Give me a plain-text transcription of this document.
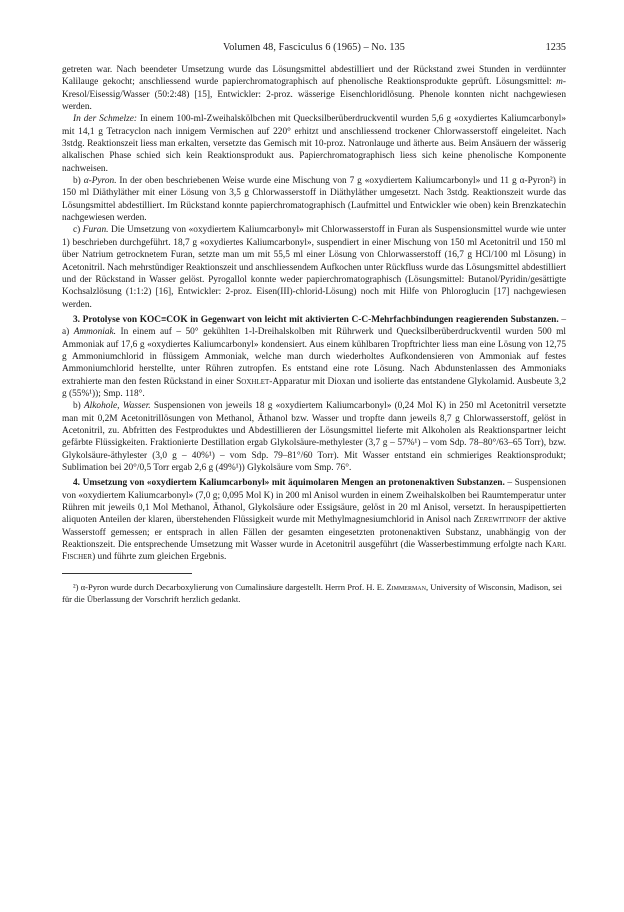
Volumen 48, Fasciculus 6 (1965) – No. 135	1235

getreten war. Nach beendeter Umsetzung wurde das Lösungsmittel abdestilliert und der Rückstand zwei Stunden in verdünnter Kalilauge gekocht; anschliessend wurde papierchromatographisch auf phenolische Reaktionsprodukte geprüft. Lösungsmittel: m-Kresol/Eisessig/Wasser (50:2:48) [15], Entwickler: 2-proz. wässerige Eisenchloridlösung. Phenole konnten nicht nachgewiesen werden.

In der Schmelze: In einem 100-ml-Zweihalskölbchen mit Quecksilberüberdruckventil wurden 5,6 g «oxydiertes Kaliumcarbonyl» mit 14,1 g Tetracyclon nach innigem Vermischen auf 220° erhitzt und anschliessend trockener Chlorwasserstoff eingeleitet. Nach 3stdg. Reaktionszeit liess man erkalten, versetzte das Gemisch mit 10-proz. Natronlauge und ätherte aus. Beim Ansäuern der wässerig alkalischen Phase schied sich kein Reaktionsprodukt aus. Papierchromatographisch liess sich keine phenolische Komponente nachweisen.

b) α-Pyron. In der oben beschriebenen Weise wurde eine Mischung von 7 g «oxydiertem Kaliumcarbonyl» und 11 g α-Pyron²) in 150 ml Diäthyläther mit einer Lösung von 3,5 g Chlorwasserstoff in Diäthyläther umgesetzt. Nach 3stdg. Reaktionszeit wurde das Lösungsmittel abdestilliert. Im Rückstand konnte papierchromatographisch (Laufmittel und Entwickler wie oben) kein Brenzkatechin nachgewiesen werden.

c) Furan. Die Umsetzung von «oxydiertem Kaliumcarbonyl» mit Chlorwasserstoff in Furan als Suspensionsmittel wurde wie unter 1) beschrieben durchgeführt. 18,7 g «oxydiertes Kaliumcarbonyl», suspendiert in einer Mischung von 150 ml Acetonitril und 150 ml über Natrium getrocknetem Furan, setzte man um mit 55,5 ml einer Lösung von Chlorwasserstoff (16,7 g HCl/100 ml Lösung) in Acetonitril. Nach mehrstündiger Reaktionszeit und anschliessendem Aufkochen unter Rückfluss wurde das Lösungsmittel abdestilliert und der Rückstand in Wasser gelöst. Pyrogallol konnte weder papierchromatographisch (Lösungsmittel: Butanol/Pyridin/gesättigte Kochsalzlösung (1:1:2) [16], Entwickler: 2-proz. Eisen(III)-chlorid-Lösung) noch mit Hilfe von Phloroglucin [17] nachgewiesen werden.

3. Protolyse von KOC≡COK in Gegenwart von leicht mit aktivierten C-C-Mehrfachbindungen reagierenden Substanzen. – a) Ammoniak. In einem auf – 50° gekühlten 1-l-Dreihalskolben mit Rührwerk und Quecksilberüberdruckventil wurden 500 ml Ammoniak auf 17,6 g «oxydiertes Kaliumcarbonyl» kondensiert. Aus einem kühlbaren Tropftrichter liess man eine Lösung von 12,75 g Ammoniumchlorid in flüssigem Ammoniak, welche man durch wiederholtes Aufkondensieren von Ammoniak auf festes Ammoniumchlorid herstellte, unter Rühren zutropfen. Es entstand eine rote Lösung. Nach Abdunstenlassen des Ammoniaks extrahierte man den festen Rückstand in einer Soxhlet-Apparatur mit Dioxan und isolierte das entstandene Glykolamid. Ausbeute 3,2 g (55%¹)); Smp. 118°.

b) Alkohole, Wasser. Suspensionen von jeweils 18 g «oxydiertem Kaliumcarbonyl» (0,24 Mol K) in 250 ml Acetonitril versetzte man mit 0,2M Acetonitrillösungen von Methanol, Äthanol bzw. Wasser und tropfte dann jeweils 8,7 g Chlorwasserstoff, gelöst in Acetonitril, zu. Abfritten des Festproduktes und Abdestillieren der Lösungsmittel lieferte mit Alkoholen als Reaktionspartner leicht gefärbte Flüssigkeiten. Fraktionierte Destillation ergab Glykolsäure-methylester (3,7 g – 57%¹) – vom Sdp. 78–80°/63–65 Torr), bzw. Glykolsäure-äthylester (3,0 g – 40%¹) – vom Sdp. 79–81°/60 Torr). Mit Wasser entstand ein schmieriges Reaktionsprodukt; Sublimation bei 20°/0,5 Torr ergab 2,6 g (49%¹)) Glykolsäure vom Smp. 76°.

4. Umsetzung von «oxydiertem Kaliumcarbonyl» mit äquimolaren Mengen an protonenaktiven Substanzen. – Suspensionen von «oxydiertem Kaliumcarbonyl» (7,0 g; 0,095 Mol K) in 200 ml Anisol wurden in einem Zweihalskolben bei Raumtemperatur unter Rühren mit jeweils 0,1 Mol Methanol, Äthanol, Glykolsäure oder Essigsäure, gelöst in 20 ml Anisol, versetzt. In herauspipettierten aliquoten Anteilen der klaren, überstehenden Flüssigkeit wurde mit Methylmagnesiumchlorid in Anisol nach Zerewitinoff der aktive Wasserstoff gemessen; er entsprach in allen Fällen der gesamten eingesetzten protonenaktiven Substanz, unabhängig von der Reaktionszeit. Die entsprechende Umsetzung mit Wasser wurde in Acetonitril ausgeführt (die Wasserbestimmung erfolgte nach Karl Fischer) und führte zum gleichen Ergebnis.

²) α-Pyron wurde durch Decarboxylierung von Cumalinsäure dargestellt. Herrn Prof. H. E. Zimmerman, University of Wisconsin, Madison, sei für die Überlassung der Vorschrift herzlich gedankt.
